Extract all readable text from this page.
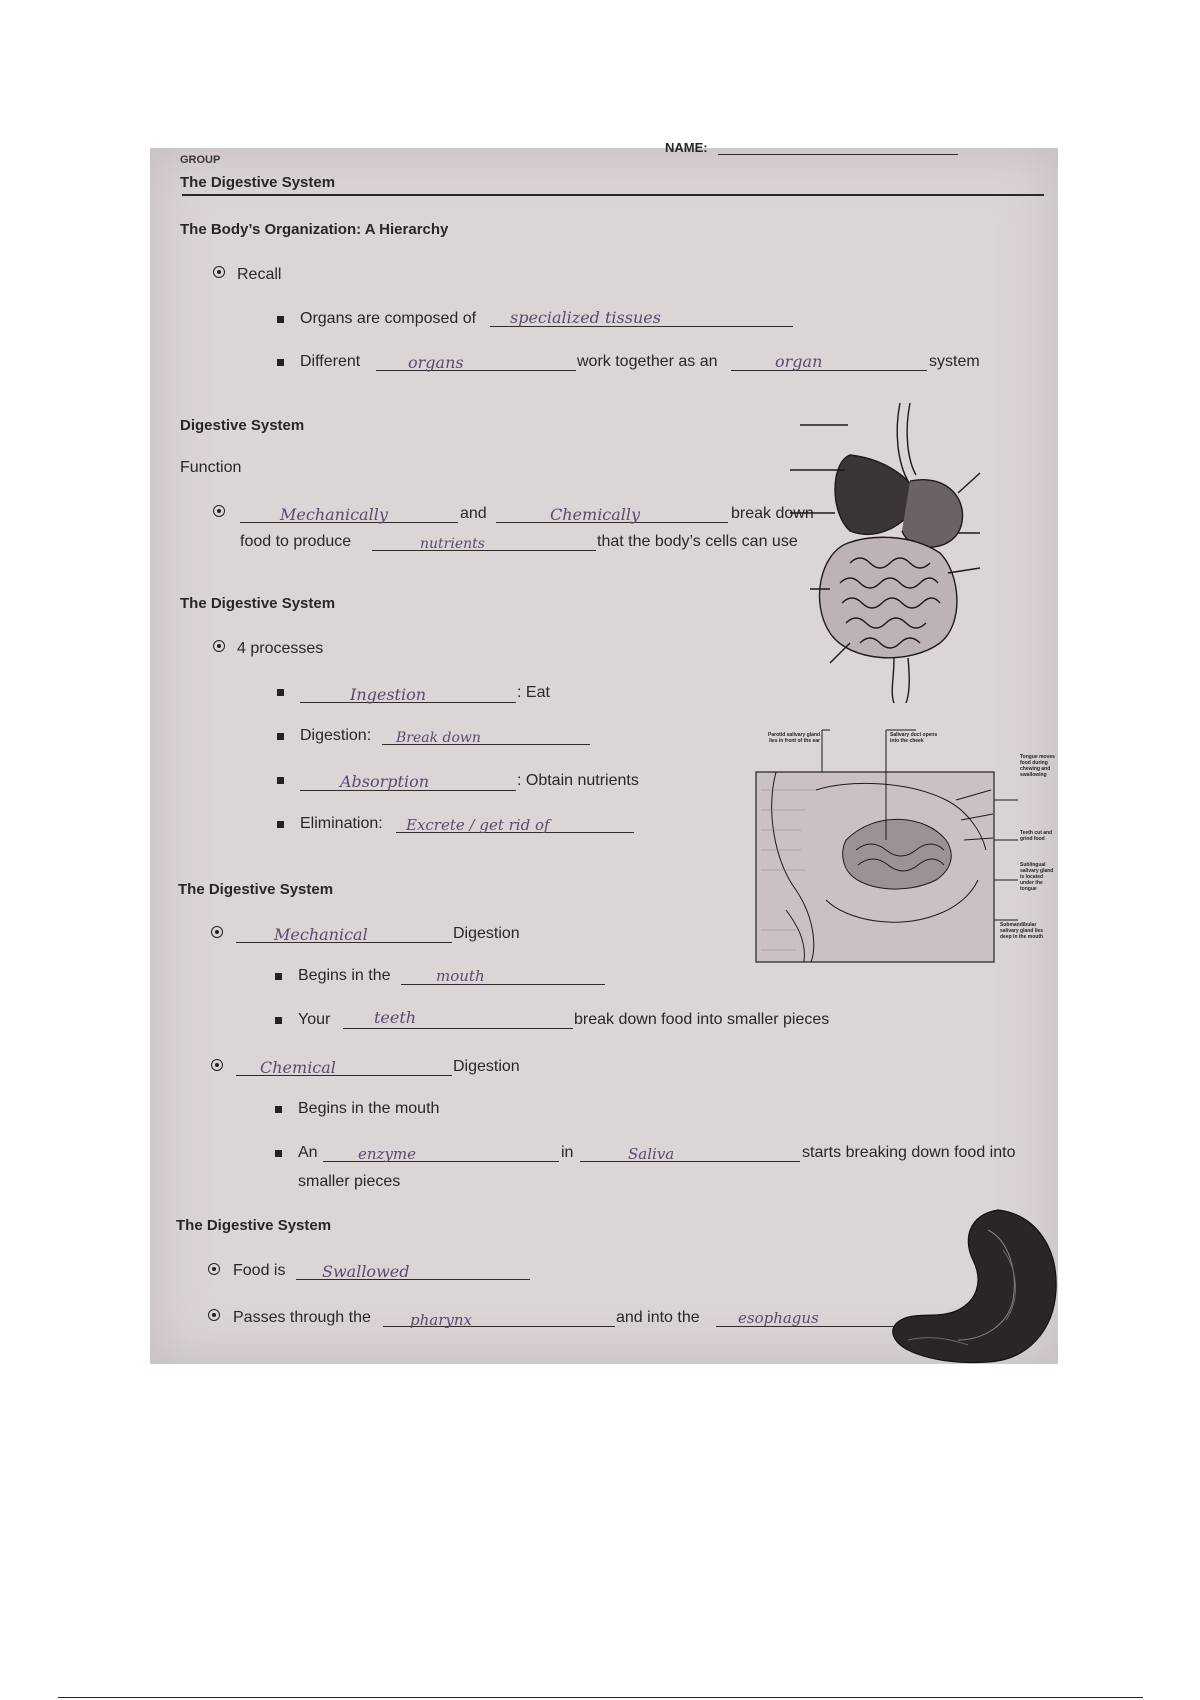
GROUP
NAME:
The Digestive System
The Body’s Organization: A Hierarchy
Recall
Organs are composed of specialized tissues
Different	organs	work together as an	organ	system
Digestive System
Function
Mechanically	and	Chemically	break down
food to produce	nutrients	that the body’s cells can use
The Digestive System
4 processes
Ingestion	: Eat
Digestion: Break down
Absorption	: Obtain nutrients
Elimination: Excrete / get rid of
Parotid salivary gland lies in front of the ear
Salivary duct opens into the cheek
Tongue moves food during chewing and swallowing
Teeth cut and grind food
Sublingual salivary gland is located under the tongue
Submandibular salivary gland lies deep in the mouth
The Digestive System
Mechanical	Digestion
Begins in the	mouth
Your	teeth	break down food into smaller pieces
Chemical	Digestion
Begins in the mouth
An	enzyme	in	Saliva	starts breaking down food into
smaller pieces
The Digestive System
Food is Swallowed
Passes through the	pharynx	and into the	esophagus
